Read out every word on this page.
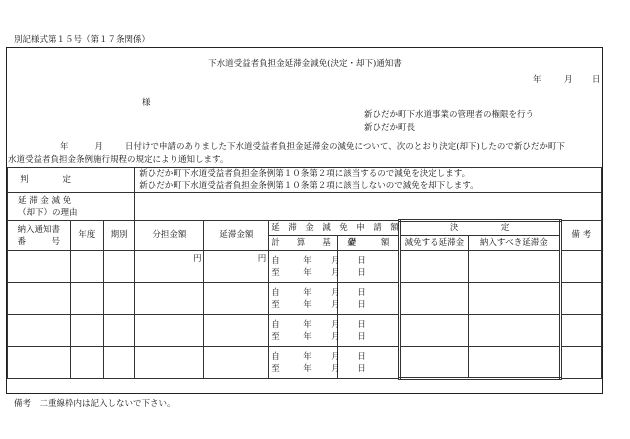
別記様式第１５号（第１７条関係）
下水道受益者負担金延滞金減免(決定・却下)通知書
年	月 日
様
新ひだか町下水道事業の管理者の権限を行う
新ひだか町長
年	月	日付けで申請のありました下水道受益者負担金延滞金の減免について、次のとおり決定(却下)したので新ひだか町下
水道受益者負担金条例施行規程の規定により通知します。
判　　　　定			新ひだか町下水道受益者負担金条例第１０条第２項に該当するので減免を決定します。
新ひだか町下水道受益者負担金条例第１０条第２項に該当しないので減免を却下します。						

延 滞 金 減 免
（却下）の理由									

納入通知書
番　　　号	年度	期別	分担金額	延滞金額	延　滞　金　減　免　申　請　額		決　　　　　定		備 考
					計　　算　　基　　礎	金　　　額	減免する延滞金	納入すべき延滞金	
			円	円	自 年 月 日
至 年 月 日				

					自 年 月 日
至 年 月 日				

					自 年 月 日
至 年 月 日				

					自 年 月 日
至 年 月 日				

備考　二重線枠内は記入しないで下さい。
